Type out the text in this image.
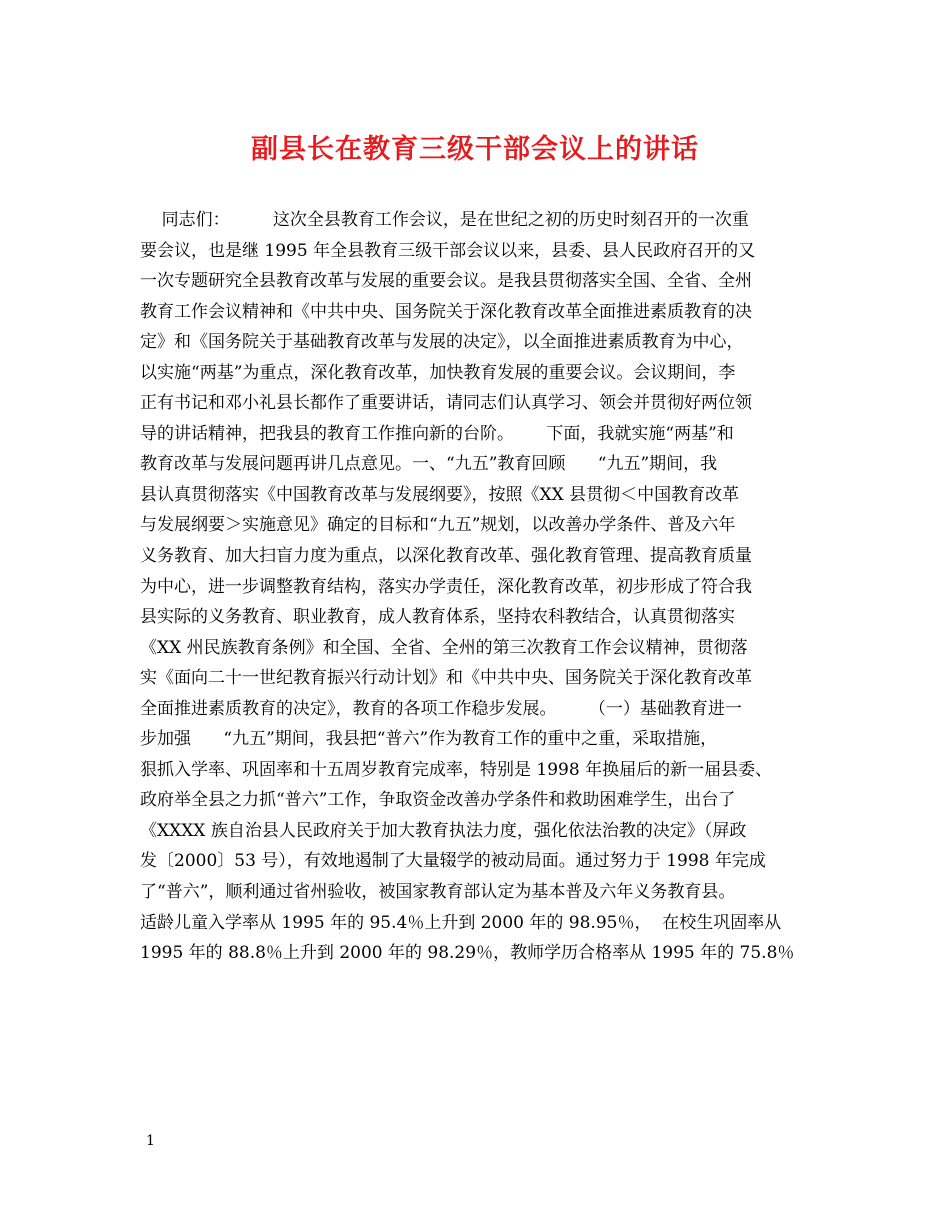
副县长在教育三级干部会议上的讲话
同志们：        这次全县教育工作会议，是在世纪之初的历史时刻召开的一次重
要会议，也是继 1995 年全县教育三级干部会议以来，县委、县人民政府召开的又
一次专题研究全县教育改革与发展的重要会议。是我县贯彻落实全国、全省、全州
教育工作会议精神和《中共中央、国务院关于深化教育改革全面推进素质教育的决
定》和《国务院关于基础教育改革与发展的决定》，以全面推进素质教育为中心，
以实施“两基”为重点，深化教育改革，加快教育发展的重要会议。会议期间，李
正有书记和邓小礼县长都作了重要讲话，请同志们认真学习、领会并贯彻好两位领
导的讲话精神，把我县的教育工作推向新的台阶。      下面，我就实施“两基”和
教育改革与发展问题再讲几点意见。一、“九五”教育回顾      “九五”期间，我
县认真贯彻落实《中国教育改革与发展纲要》，按照《XX 县贯彻＜中国教育改革
与发展纲要＞实施意见》确定的目标和“九五”规划，以改善办学条件、普及六年
义务教育、加大扫盲力度为重点，以深化教育改革、强化教育管理、提高教育质量
为中心，进一步调整教育结构，落实办学责任，深化教育改革，初步形成了符合我
县实际的义务教育、职业教育，成人教育体系，坚持农科教结合，认真贯彻落实
《XX 州民族教育条例》和全国、全省、全州的第三次教育工作会议精神，贯彻落
实《面向二十一世纪教育振兴行动计划》和《中共中央、国务院关于深化教育改革
全面推进素质教育的决定》，教育的各项工作稳步发展。      （一）基础教育进一
步加强      “九五”期间，我县把“普六”作为教育工作的重中之重，采取措施，
狠抓入学率、巩固率和十五周岁教育完成率，特别是 1998 年换届后的新一届县委、
政府举全县之力抓“普六”工作，争取资金改善办学条件和救助困难学生，出台了
《XXXX 族自治县人民政府关于加大教育执法力度，强化依法治教的决定》（屏政
发〔2000〕53 号），有效地遏制了大量辍学的被动局面。通过努力于 1998 年完成
了“普六”，顺利通过省州验收，被国家教育部认定为基本普及六年义务教育县。
适龄儿童入学率从 1995 年的 95.4％上升到 2000 年的 98.95％，  在校生巩固率从
1995 年的 88.8％上升到 2000 年的 98.29％，教师学历合格率从 1995 年的 75.8％
1
